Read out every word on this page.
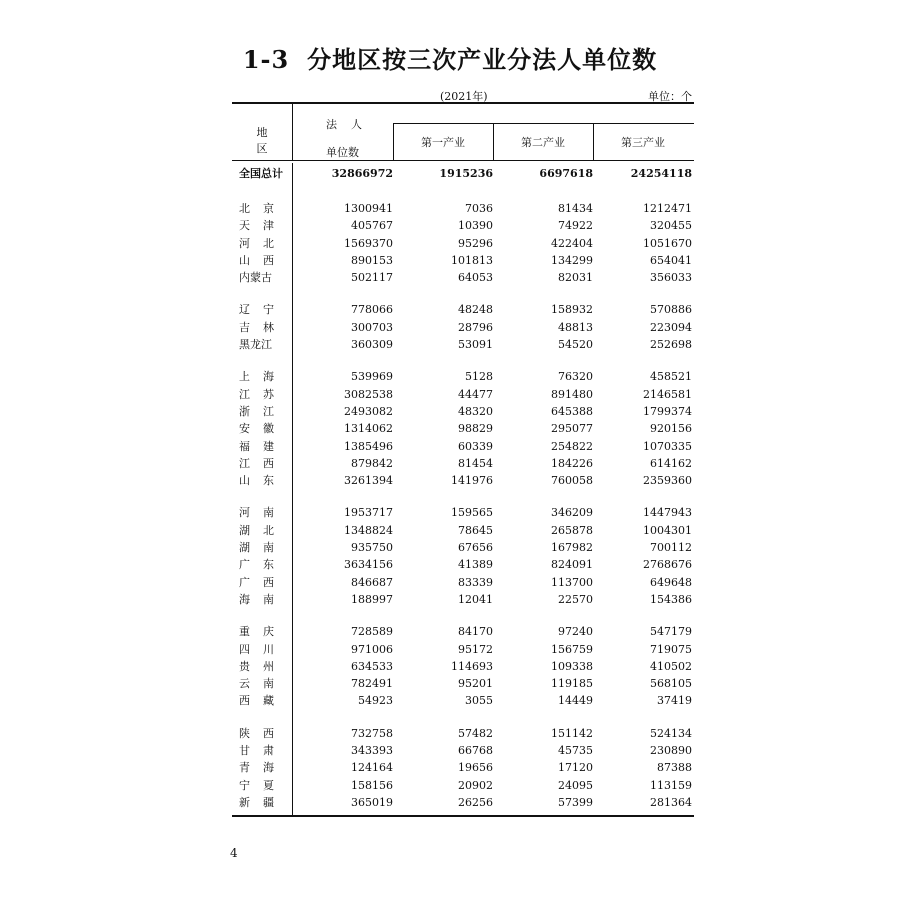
1-3 分地区按三次产业分法人单位数
(2021年)	单位：个
地区
法人
单位数
第一产业	第二产业	第三产业
全国总计	32866972	1915236	6697618	24254118
北京	1300941	7036	81434	1212471
天津	405767	10390	74922	320455
河北	1569370	95296	422404	1051670
山西	890153	101813	134299	654041
内蒙古	502117	64053	82031	356033
辽宁	778066	48248	158932	570886
吉林	300703	28796	48813	223094
黑龙江	360309	53091	54520	252698
上海	539969	5128	76320	458521
江苏	3082538	44477	891480	2146581
浙江	2493082	48320	645388	1799374
安徽	1314062	98829	295077	920156
福建	1385496	60339	254822	1070335
江西	879842	81454	184226	614162
山东	3261394	141976	760058	2359360
河南	1953717	159565	346209	1447943
湖北	1348824	78645	265878	1004301
湖南	935750	67656	167982	700112
广东	3634156	41389	824091	2768676
广西	846687	83339	113700	649648
海南	188997	12041	22570	154386
重庆	728589	84170	97240	547179
四川	971006	95172	156759	719075
贵州	634533	114693	109338	410502
云南	782491	95201	119185	568105
西藏	54923	3055	14449	37419
陕西	732758	57482	151142	524134
甘肃	343393	66768	45735	230890
青海	124164	19656	17120	87388
宁夏	158156	20902	24095	113159
新疆	365019	26256	57399	281364
4
